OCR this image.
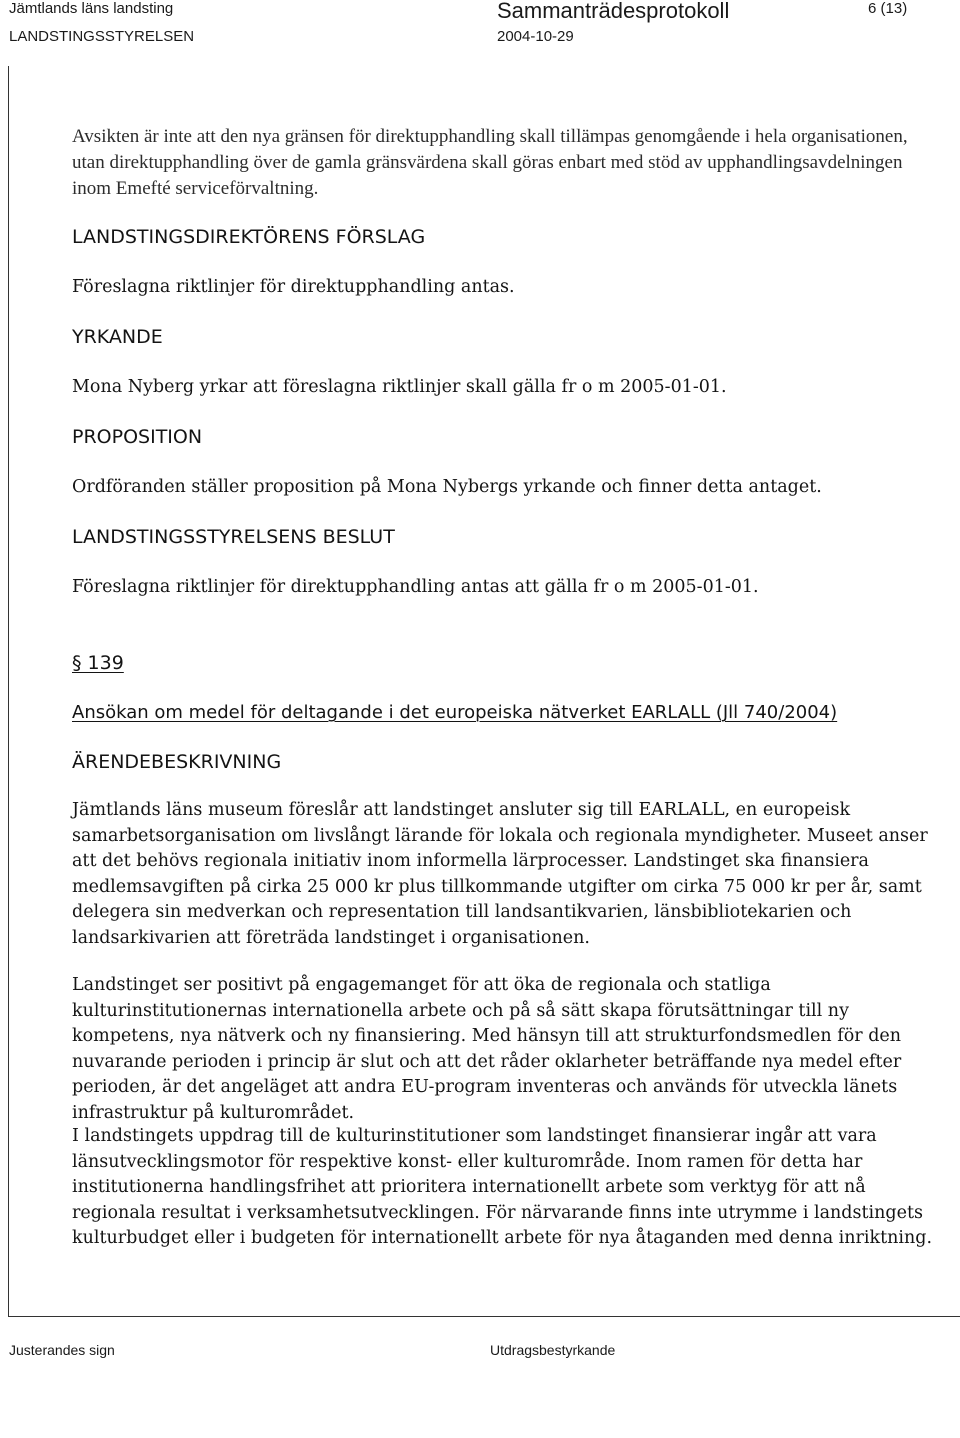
Jämtlands läns landsting	Sammanträdesprotokoll	6 (13)
LANDSTINGSSTYRELSEN	2004-10-29

Avsikten är inte att den nya gränsen för direktupphandling skall tillämpas genomgående i hela organisationen, utan direktupphandling över de gamla gränsvärdena skall göras enbart med stöd av upphandlingsavdelningen inom Emefté serviceförvaltning.

LANDSTINGSDIREKTÖRENS FÖRSLAG

Föreslagna riktlinjer för direktupphandling antas.

YRKANDE

Mona Nyberg yrkar att föreslagna riktlinjer skall gälla fr o m 2005-01-01.

PROPOSITION

Ordföranden ställer proposition på Mona Nybergs yrkande och finner detta antaget.

LANDSTINGSSTYRELSENS BESLUT

Föreslagna riktlinjer för direktupphandling antas att gälla fr o m 2005-01-01.

§ 139
Ansökan om medel för deltagande i det europeiska nätverket EARLALL (Jll 740/2004)
ÄRENDEBESKRIVNING

Jämtlands läns museum föreslår att landstinget ansluter sig till EARLALL, en europeisk samarbetsorganisation om livslångt lärande för lokala och regionala myndigheter. Museet anser att det behövs regionala initiativ inom informella lärprocesser. Landstinget ska finansiera medlemsavgiften på cirka 25 000 kr plus tillkommande utgifter om cirka 75 000 kr per år, samt delegera sin medverkan och representation till landsantikvarien, länsbibliotekarien och landsarkivarien att företräda landstinget i organisationen.

Landstinget ser positivt på engagemanget för att öka de regionala och statliga kulturinstitutionernas internationella arbete och på så sätt skapa förutsättningar till ny kompetens, nya nätverk och ny finansiering. Med hänsyn till att strukturfondsmedlen för den nuvarande perioden i princip är slut och att det råder oklarheter beträffande nya medel efter perioden, är det angeläget att andra EU-program inventeras och används för utveckla länets infrastruktur på kulturområdet.

I landstingets uppdrag till de kulturinstitutioner som landstinget finansierar ingår att vara länsutvecklingsmotor för respektive konst- eller kulturområde. Inom ramen för detta har institutionerna handlingsfrihet att prioritera internationellt arbete som verktyg för att nå regionala resultat i verksamhetsutvecklingen. För närvarande finns inte utrymme i landstingets kulturbudget eller i budgeten för internationellt arbete för nya åtaganden med denna inriktning.

Justerandes sign	Utdragsbestyrkande
